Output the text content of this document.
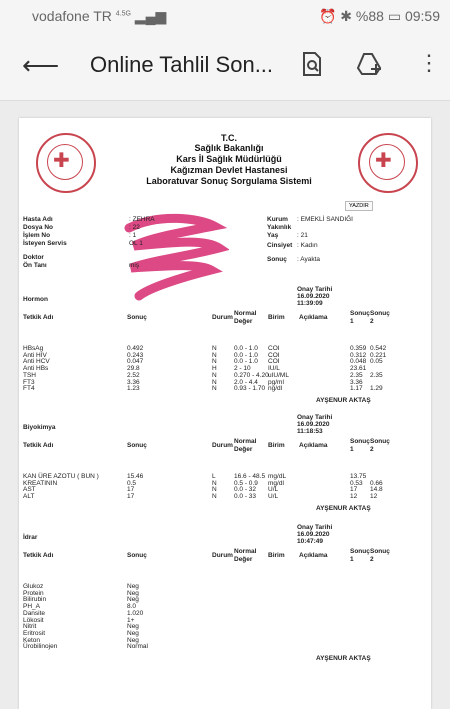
vodafone TR $^{4.5G}$ ▂▄▆	⏰ ✱ %88 ▭ 09:59
⟵ Online Tahlil Son...	⋮
✚	✚
T.C.
Sağlık Bakanlığı
Kars İl Sağlık Müdürlüğü
Kağızman Devlet Hastanesi
Laboratuvar Sonuç Sorgulama Sistemi
YAZDIR
Hasta Adı	: ZEHRA
Dosya No	: 22
İşlem No	: 1
İsteyen Servis	OL 1
Doktor
Ön Tanı	miş
Kurum : EMEKLİ SANDIĞI
Yakınlık
Yaş	: 21
Cinsiyet : Kadın
Sonuç : Ayakta
Hormon
Onay Tarihi
16.09.2020
11:39:09
Tetkik Adı	Sonuç	Durum
Normal Değer
Birim Açıklama
Sonuç 1
Sonuç 2
HBsAg	0.492	N	0.0 - 1.0 COI	0.359 0.542
Anti HIV	0.243	N	0.0 - 1.0 COI	0.312 0.221
Anti HCV	0.047	N	0.0 - 1.0 COI	0.048 0.05
Anti HBs	29.8	H	2 - 10	IU/L	23.61
TSH	2.52	N	0.270 - 4.20 uIU/ML	2.35 2.35
FT3	3.36	N	2.0 - 4.4 pg/ml	3.36
FT4	1.23	N	0.93 - 1.70 ng/dl	1.17 1.29
AYŞENUR AKTAŞ
Biyokimya
Onay Tarihi
16.09.2020
11:18:53
Tetkik Adı	Sonuç	Durum
Normal Değer
Birim Açıklama
Sonuç 1
Sonuç 2
KAN ÜRE AZOTU ( BUN )	15.46	L	16.6 - 48.5 mg/dL	13.75
KREATININ	0.5	N	0.5 - 0.9 mg/dl	0.53 0.66
AST	17	N	0.0 - 32 U/L	17 14.8
ALT	17	N	0.0 - 33 U/L	12 12
AYŞENUR AKTAŞ
İdrar
Onay Tarihi
16.09.2020
10:47:49
Tetkik Adı	Sonuç	Durum
Normal Değer
Birim Açıklama
Sonuç 1
Sonuç 2
Glukoz	Neg
Protein	Neg
Bilirubin	Neg
PH_A	8.0
Dansite	1.020
Lökosit	1+
Nitrit	Neg
Eritrosit	Neg
Keton	Neg
Ürobilinojen	Normal
AYŞENUR AKTAŞ
